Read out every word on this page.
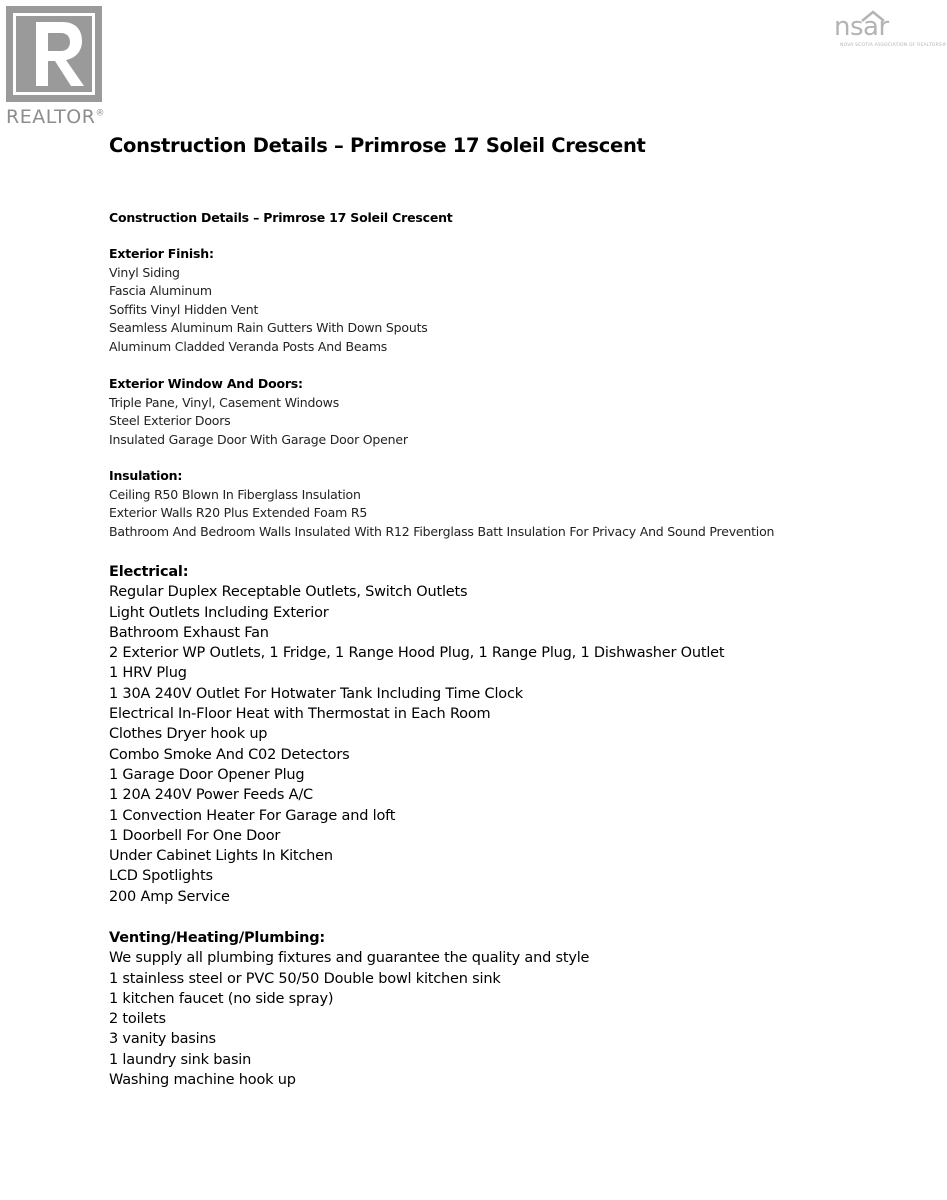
REALTOR®
nsar
NOVA SCOTIA ASSOCIATION OF REALTORS®
Construction Details – Primrose 17 Soleil Crescent
Construction Details – Primrose 17 Soleil Crescent
Exterior Finish:
Vinyl Siding
Fascia Aluminum
Soffits Vinyl Hidden Vent
Seamless Aluminum Rain Gutters With Down Spouts
Aluminum Cladded Veranda Posts And Beams
Exterior Window And Doors:
Triple Pane, Vinyl, Casement Windows
Steel Exterior Doors
Insulated Garage Door With Garage Door Opener
Insulation:
Ceiling R50 Blown In Fiberglass Insulation
Exterior Walls R20 Plus Extended Foam R5
Bathroom And Bedroom Walls Insulated With R12 Fiberglass Batt Insulation For Privacy And Sound Prevention
Electrical:
Regular Duplex Receptable Outlets, Switch Outlets
Light Outlets Including Exterior
Bathroom Exhaust Fan
2 Exterior WP Outlets, 1 Fridge, 1 Range Hood Plug, 1 Range Plug, 1 Dishwasher Outlet
1 HRV Plug
1 30A 240V Outlet For Hotwater Tank Including Time Clock
Electrical In-Floor Heat with Thermostat in Each Room
Clothes Dryer hook up
Combo Smoke And C02 Detectors
1 Garage Door Opener Plug
1 20A 240V Power Feeds A/C
1 Convection Heater For Garage and loft
1 Doorbell For One Door
Under Cabinet Lights In Kitchen
LCD Spotlights
200 Amp Service
Venting/Heating/Plumbing:
We supply all plumbing fixtures and guarantee the quality and style
1 stainless steel or PVC 50/50 Double bowl kitchen sink
1 kitchen faucet (no side spray)
2 toilets
3 vanity basins
1 laundry sink basin
Washing machine hook up
